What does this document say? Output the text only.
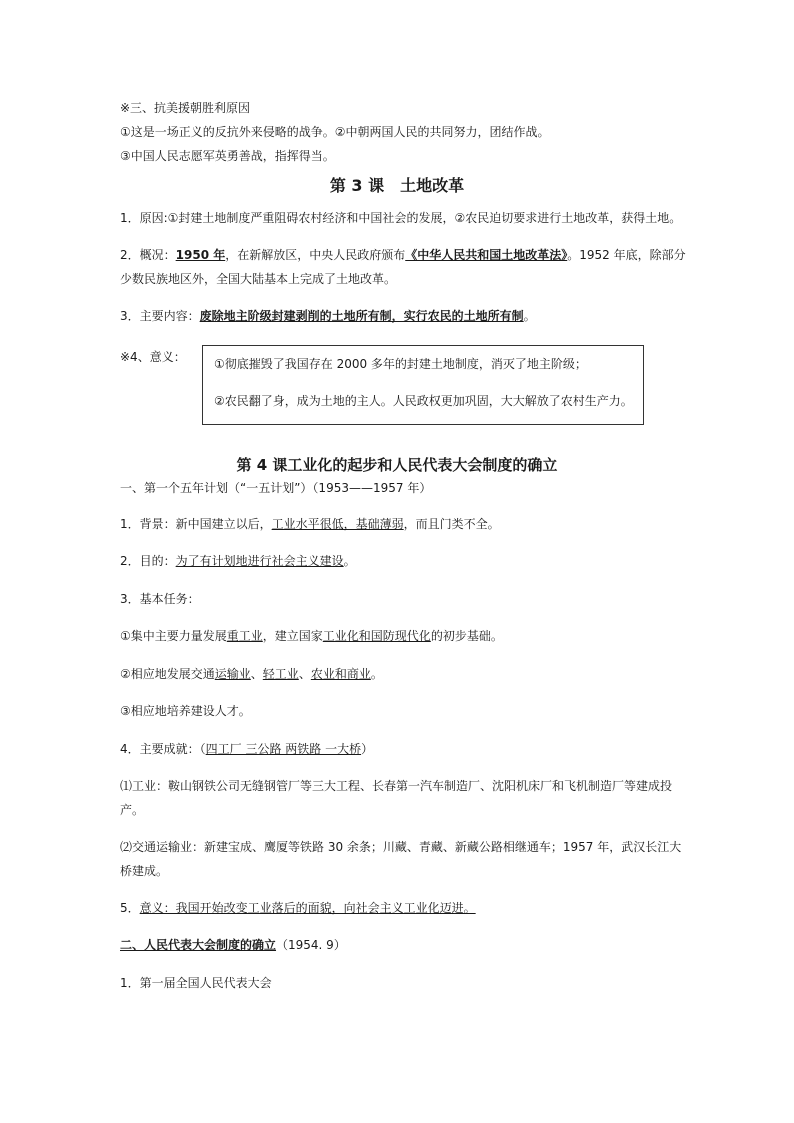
※三、抗美援朝胜利原因
①这是一场正义的反抗外来侵略的战争。②中朝两国人民的共同努力，团结作战。
③中国人民志愿军英勇善战，指挥得当。
第 3 课　土地改革
1．原因:①封建土地制度严重阻碍农村经济和中国社会的发展，②农民迫切要求进行土地改革，获得土地。
2．概况：1950 年，在新解放区，中央人民政府颁布《中华人民共和国土地改革法》。1952 年底，除部分
少数民族地区外，全国大陆基本上完成了土地改革。
3．主要内容：废除地主阶级封建剥削的土地所有制，实行农民的土地所有制。
※4、意义： ①彻底摧毁了我国存在 2000 多年的封建土地制度，消灭了地主阶级；
②农民翻了身，成为土地的主人。人民政权更加巩固，大大解放了农村生产力。
第 4 课工业化的起步和人民代表大会制度的确立
一、第一个五年计划（“一五计划”）（1953——1957 年）
1．背景：新中国建立以后，工业水平很低，基础薄弱，而且门类不全。
2．目的：为了有计划地进行社会主义建设。
3．基本任务：
①集中主要力量发展重工业，建立国家工业化和国防现代化的初步基础。
②相应地发展交通运输业、轻工业、农业和商业。
③相应地培养建设人才。
4．主要成就：（四工厂 三公路 两铁路 一大桥）
⑴工业：鞍山钢铁公司无缝钢管厂等三大工程、长春第一汽车制造厂、沈阳机床厂和飞机制造厂等建成投
产。
⑵交通运输业：新建宝成、鹰厦等铁路 30 余条；川藏、青藏、新藏公路相继通车；1957 年，武汉长江大
桥建成。
5．意义：我国开始改变工业落后的面貌，向社会主义工业化迈进。
二、人民代表大会制度的确立（1954. 9）
1．第一届全国人民代表大会
